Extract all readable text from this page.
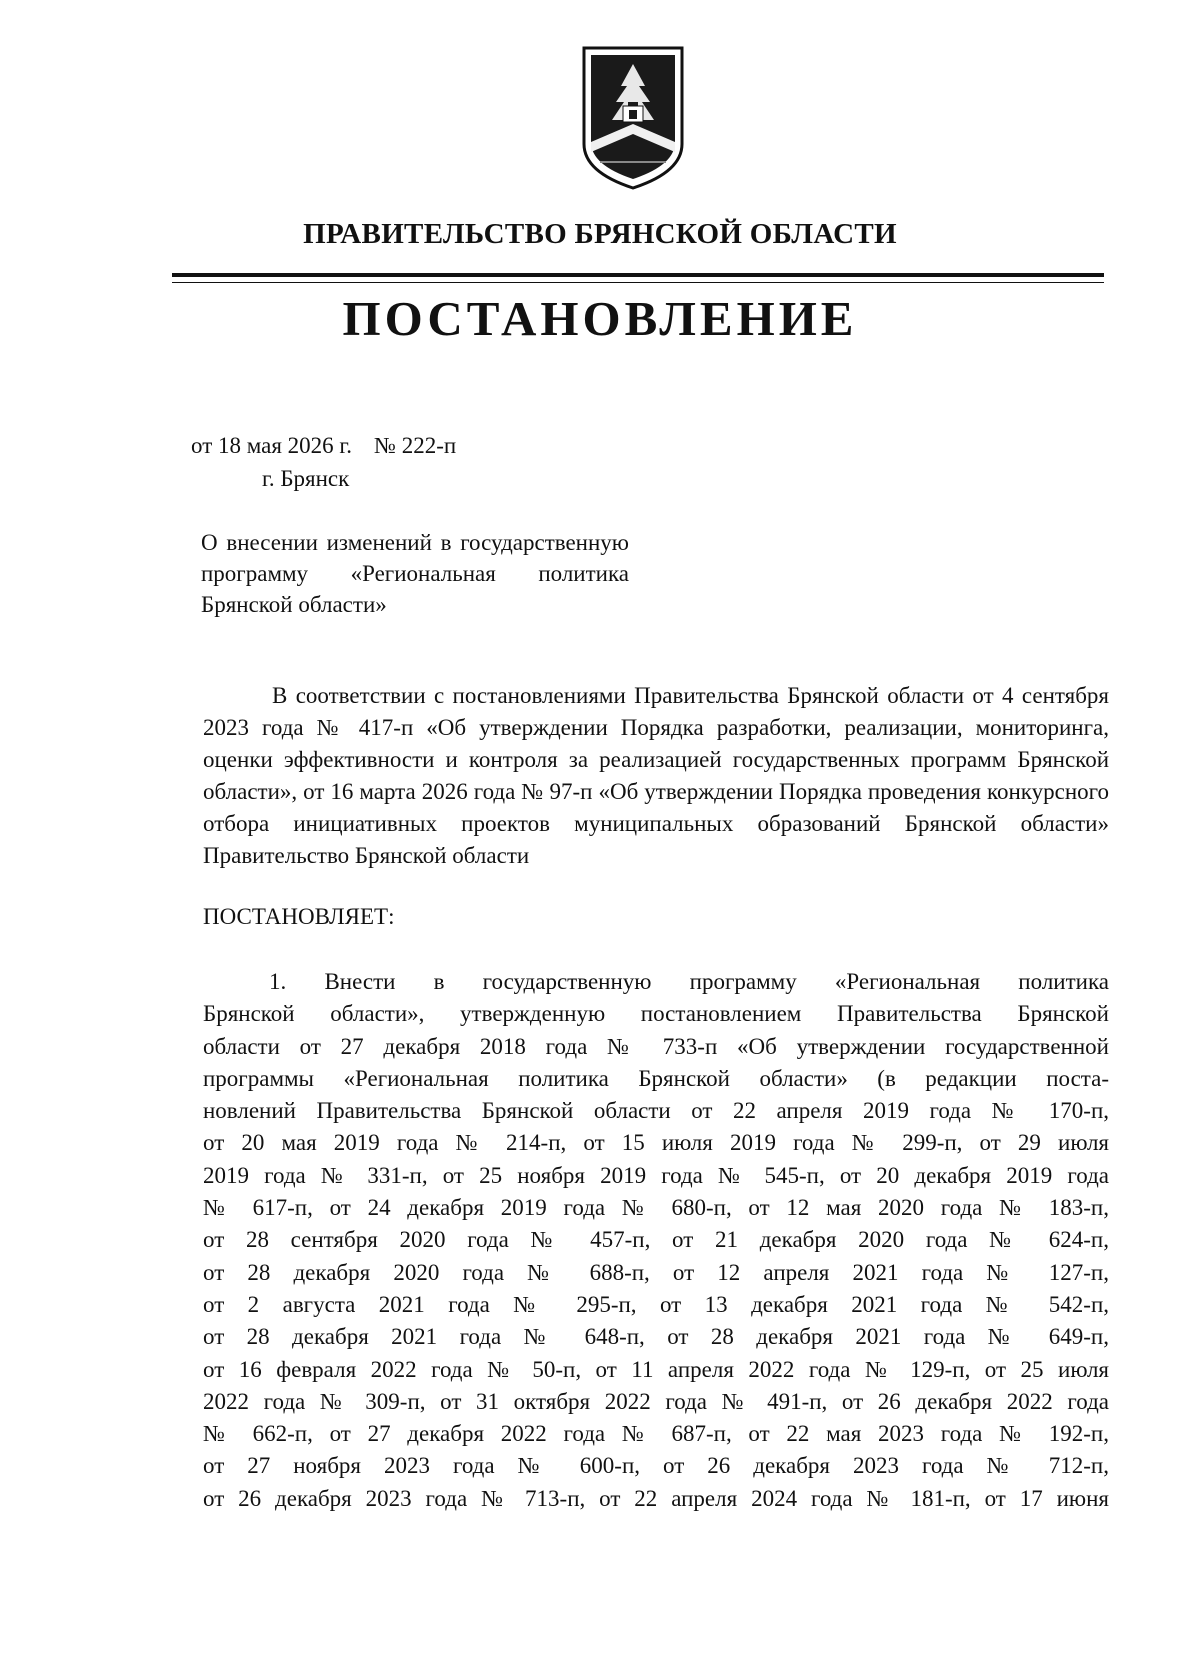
ПРАВИТЕЛЬСТВО БРЯНСКОЙ ОБЛАСТИ
ПОСТАНОВЛЕНИЕ
от 18 мая 2026 г. № 222-п
г. Брянск
О внесении изменений в государственную программу «Региональная политика Брянской области»
В соответствии с постановлениями Правительства Брянской области от 4 сентября 2023 года № 417-п «Об утверждении Порядка разработки, реализации, мониторинга, оценки эффективности и контроля за реализацией государственных программ Брянской области», от 16 марта 2026 года № 97-п «Об утверждении Порядка проведения конкурсного отбора инициативных проектов муниципальных образований Брянской области» Правительство Брянской области
ПОСТАНОВЛЯЕТ:
1. Внести в государственную программу «Региональная политика
Брянской области», утвержденную постановлением Правительства Брянской
области от 27 декабря 2018 года № 733-п «Об утверждении государственной
программы «Региональная политика Брянской области» (в редакции поста-
новлений Правительства Брянской области от 22 апреля 2019 года № 170-п,
от 20 мая 2019 года № 214-п, от 15 июля 2019 года № 299-п, от 29 июля
2019 года № 331-п, от 25 ноября 2019 года № 545-п, от 20 декабря 2019 года
№ 617-п, от 24 декабря 2019 года № 680-п, от 12 мая 2020 года № 183-п,
от 28 сентября 2020 года № 457-п, от 21 декабря 2020 года № 624-п,
от 28 декабря 2020 года № 688-п, от 12 апреля 2021 года № 127-п,
от 2 августа 2021 года № 295-п, от 13 декабря 2021 года № 542-п,
от 28 декабря 2021 года № 648-п, от 28 декабря 2021 года № 649-п,
от 16 февраля 2022 года № 50-п, от 11 апреля 2022 года № 129-п, от 25 июля
2022 года № 309-п, от 31 октября 2022 года № 491-п, от 26 декабря 2022 года
№ 662-п, от 27 декабря 2022 года № 687-п, от 22 мая 2023 года № 192-п,
от 27 ноября 2023 года № 600-п, от 26 декабря 2023 года № 712-п,
от 26 декабря 2023 года № 713-п, от 22 апреля 2024 года № 181-п, от 17 июня
